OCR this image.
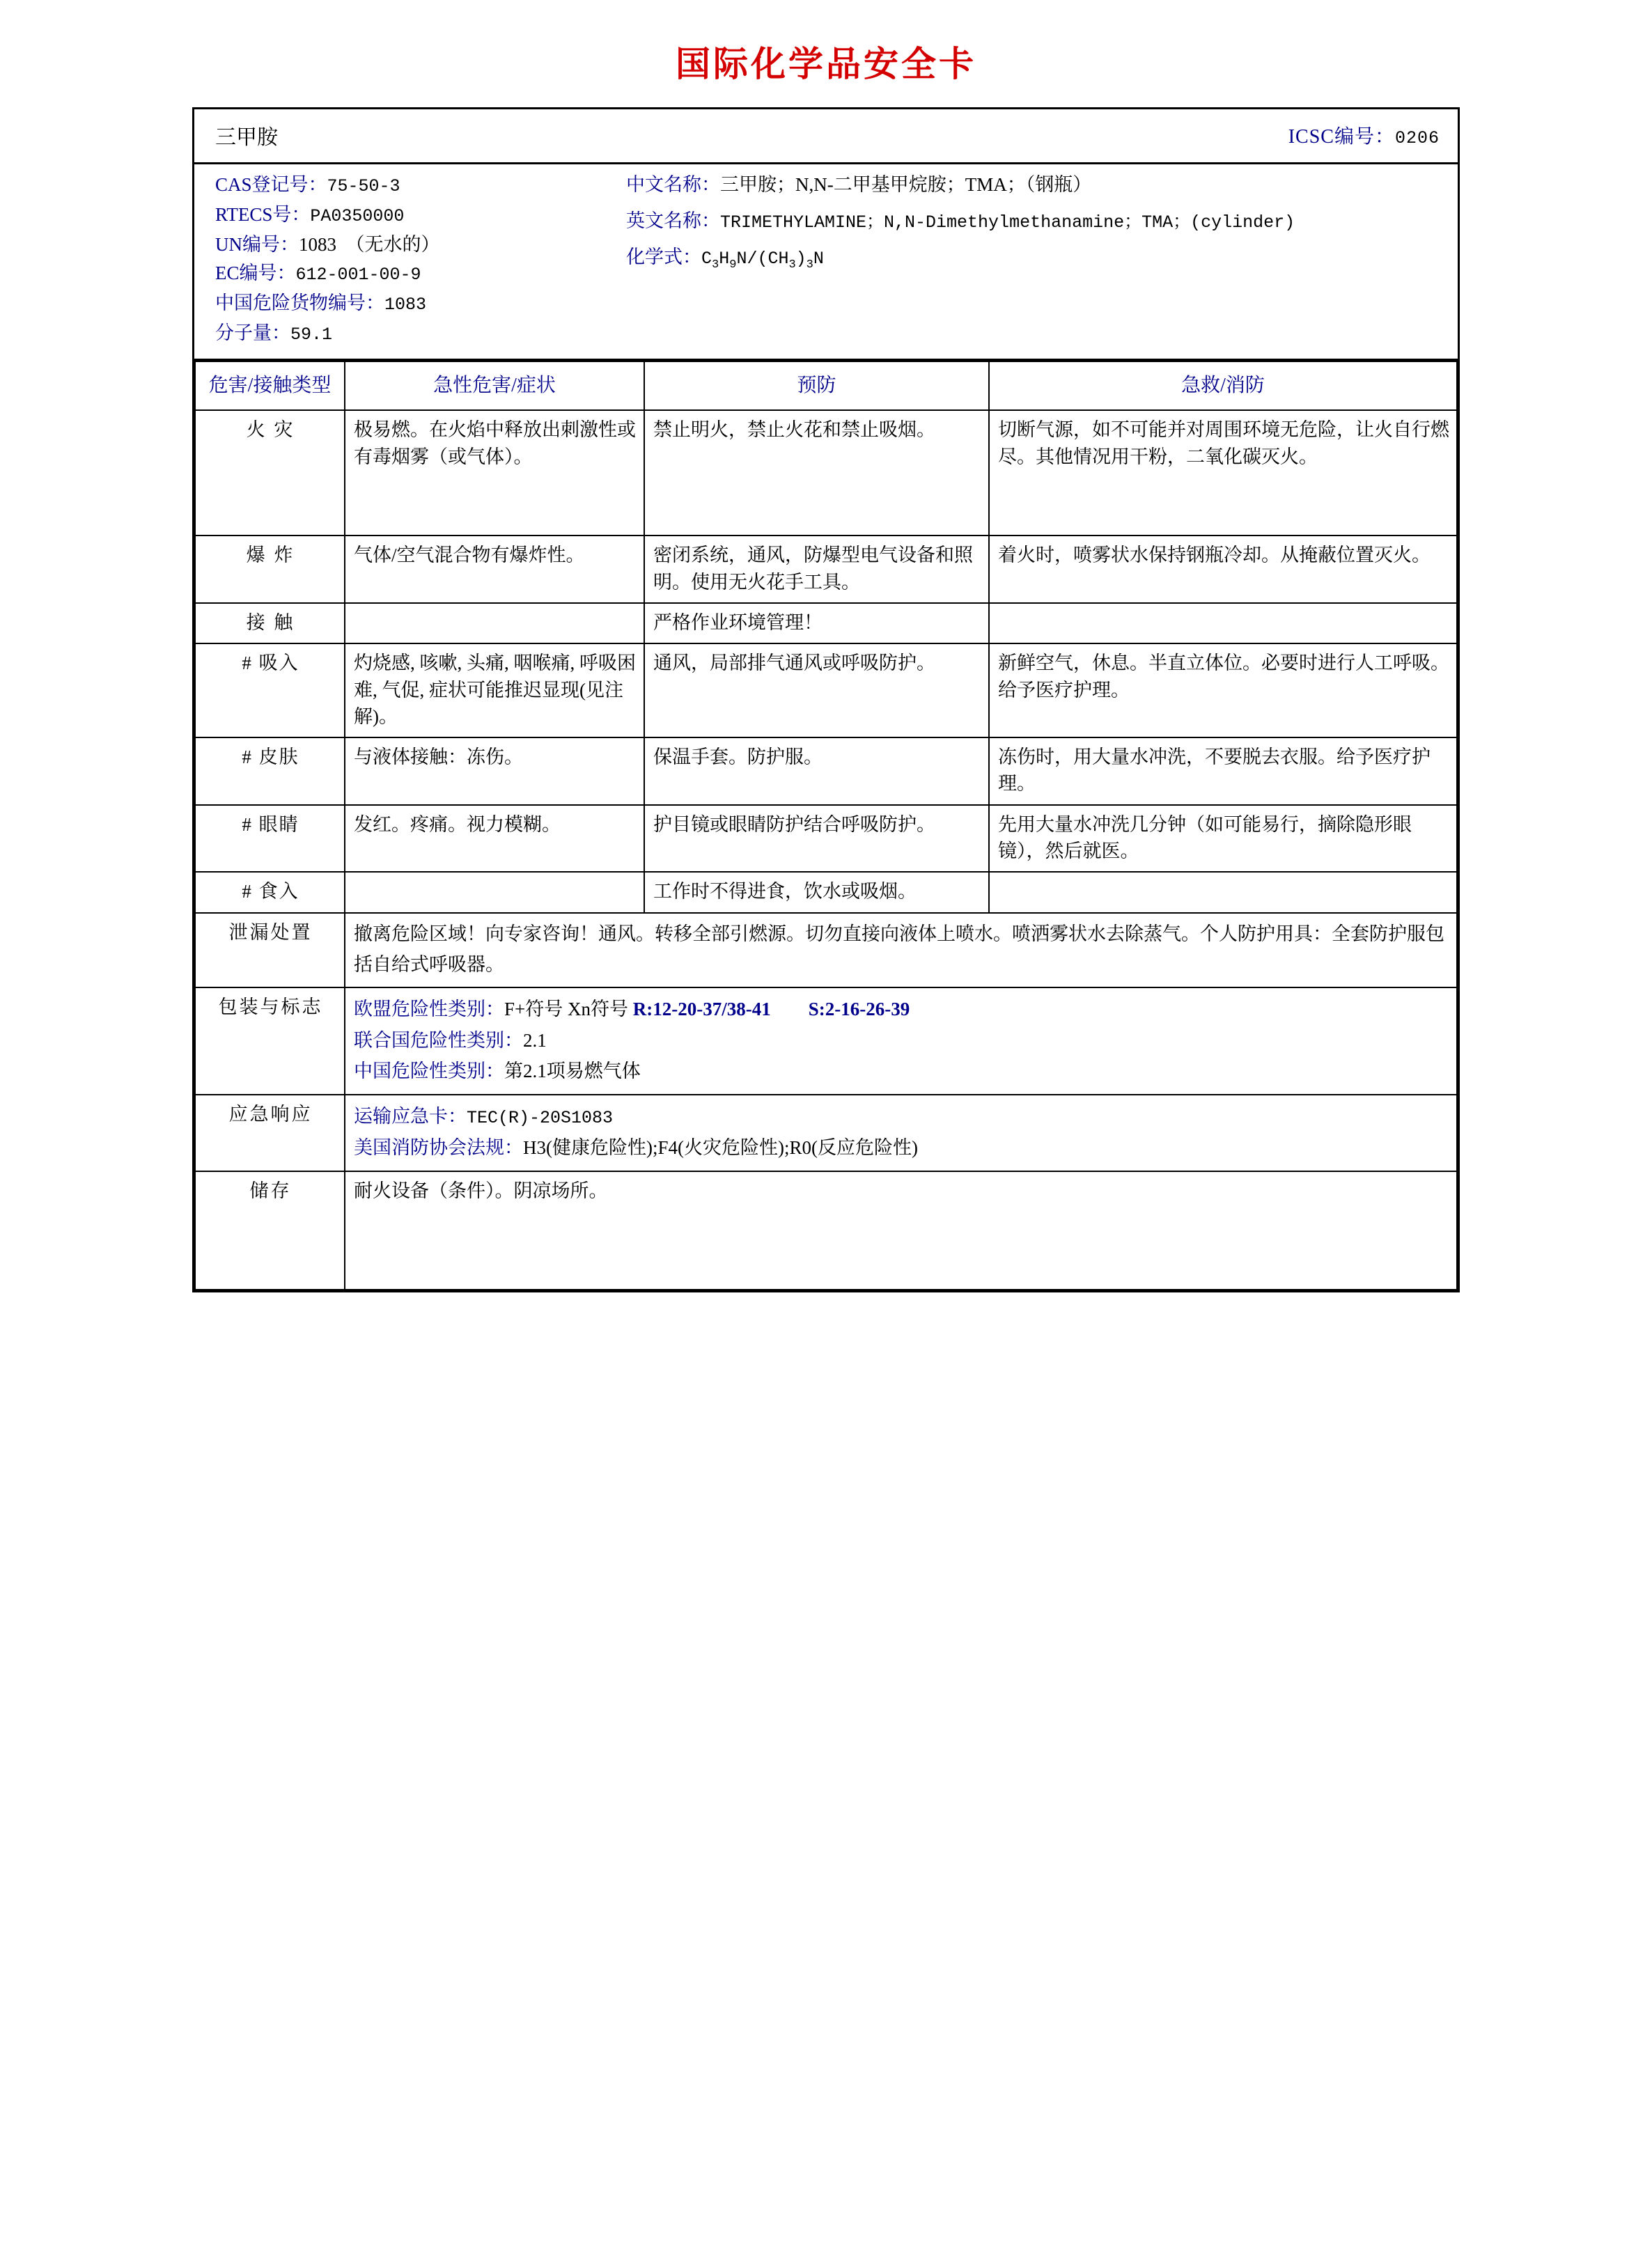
国际化学品安全卡
三甲胺	ICSC编号：0206
CAS登记号：75-50-3
RTECS号：PA0350000
UN编号：1083　（无水的）
EC编号：612-001-00-9
中国危险货物编号：1083
分子量：59.1
中文名称：三甲胺；N,N-二甲基甲烷胺；TMA；（钢瓶）
英文名称：TRIMETHYLAMINE；N,N-Dimethylmethanamine；TMA；(cylinder)
化学式：$C_3H_9N/(CH_3)_3N$
危害/接触类型	急性危害/症状	预防	急救/消防
火 灾	极易燃。在火焰中释放出刺激性或有毒烟雾（或气体）。	禁止明火，禁止火花和禁止吸烟。	切断气源，如不可能并对周围环境无危险，让火自行燃尽。其他情况用干粉，二氧化碳灭火。
爆 炸	气体/空气混合物有爆炸性。	密闭系统，通风，防爆型电气设备和照明。使用无火花手工具。	着火时，喷雾状水保持钢瓶冷却。从掩蔽位置灭火。
接 触		严格作业环境管理！	
# 吸入	灼烧感, 咳嗽, 头痛, 咽喉痛, 呼吸困难, 气促, 症状可能推迟显现(见注解)。	通风，局部排气通风或呼吸防护。	新鲜空气，休息。半直立体位。必要时进行人工呼吸。给予医疗护理。
# 皮肤	与液体接触：冻伤。	保温手套。防护服。	冻伤时，用大量水冲洗，不要脱去衣服。给予医疗护理。
# 眼睛	发红。疼痛。视力模糊。	护目镜或眼睛防护结合呼吸防护。	先用大量水冲洗几分钟（如可能易行，摘除隐形眼镜），然后就医。
# 食入		工作时不得进食，饮水或吸烟。	
泄漏处置	撤离危险区域！向专家咨询！通风。转移全部引燃源。切勿直接向液体上喷水。喷洒雾状水去除蒸气。个人防护用具：全套防护服包括自给式呼吸器。		
包装与标志	欧盟危险性类别：F+符号 Xn符号 R:12-20-37/38-41　　 S:2-16-26-39
联合国危险性类别：2.1
中国危险性类别：第2.1项易燃气体		

应急响应	运输应急卡：TEC(R)-20S1083
美国消防协会法规：H3(健康危险性);F4(火灾危险性);R0(反应危险性)		

储存	耐火设备（条件）。阴凉场所。		
